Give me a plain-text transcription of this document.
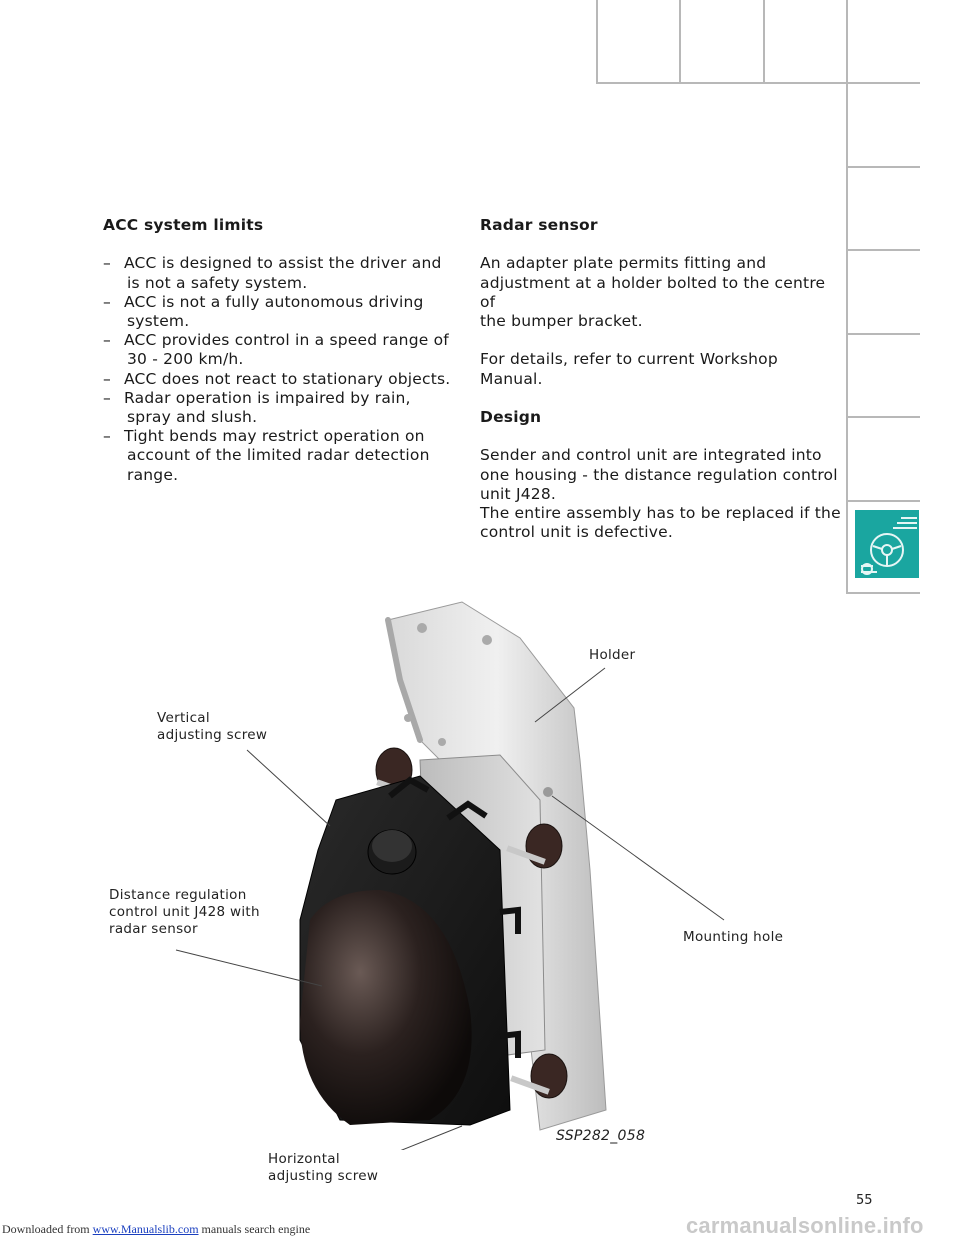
ACC system limits
– ACC is designed to assist the driver and
is not a safety system.
– ACC is not a fully autonomous driving
system.
– ACC provides control in a speed range of
30 - 200 km/h.
– ACC does not react to stationary objects.
– Radar operation is impaired by rain,
spray and slush.
– Tight bends may restrict operation on
account of the limited radar detection
range.
Radar sensor
An adapter plate permits fitting and
adjustment at a holder bolted to the centre of
the bumper bracket.
For details, refer to current Workshop Manual.
Design
Sender and control unit are integrated into
one housing - the distance regulation control
unit J428.
The entire assembly has to be replaced if the
control unit is defective.
Holder
Vertical
adjusting screw
Distance regulation
control unit J428 with
radar sensor	Mounting hole
Horizontal
adjusting screw
SSP282_058
55
Downloaded from www.Manualslib.com manuals search engine	carmanualsonline.info
